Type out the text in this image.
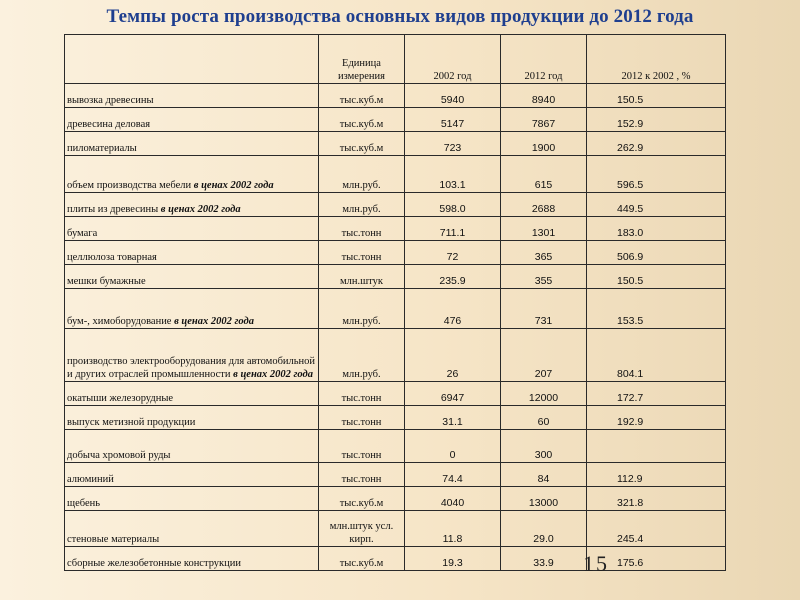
Темпы роста производства основных видов продукции до 2012 года
	Единица измерения	2002 год	2012 год	2012 к 2002 , %
вывозка древесины	тыс.куб.м	5940	8940	150.5
древесина деловая	тыс.куб.м	5147	7867	152.9
пиломатериалы	тыс.куб.м	723	1900	262.9
объем производства мебели в ценах 2002 года	млн.руб.	103.1	615	596.5
плиты из древесины в ценах 2002 года	млн.руб.	598.0	2688	449.5
бумага	тыс.тонн	711.1	1301	183.0
целлюлоза товарная	тыс.тонн	72	365	506.9
мешки бумажные	млн.штук	235.9	355	150.5
бум-, химоборудование в ценах 2002 года	млн.руб.	476	731	153.5
производство электрооборудования для автомобильной и других отраслей промышленности в ценах 2002 года	млн.руб.	26	207	804.1
окатыши железорудные	тыс.тонн	6947	12000	172.7
выпуск метизной продукции	тыс.тонн	31.1	60	192.9
добыча хромовой руды	тыс.тонн	0	300	
алюминий	тыс.тонн	74.4	84	112.9
щебень	тыс.куб.м	4040	13000	321.8
стеновые материалы	млн.штук усл. кирп.	11.8	29.0	245.4
сборные железобетонные конструкции	тыс.куб.м	19.3	33.9	175.6
15
